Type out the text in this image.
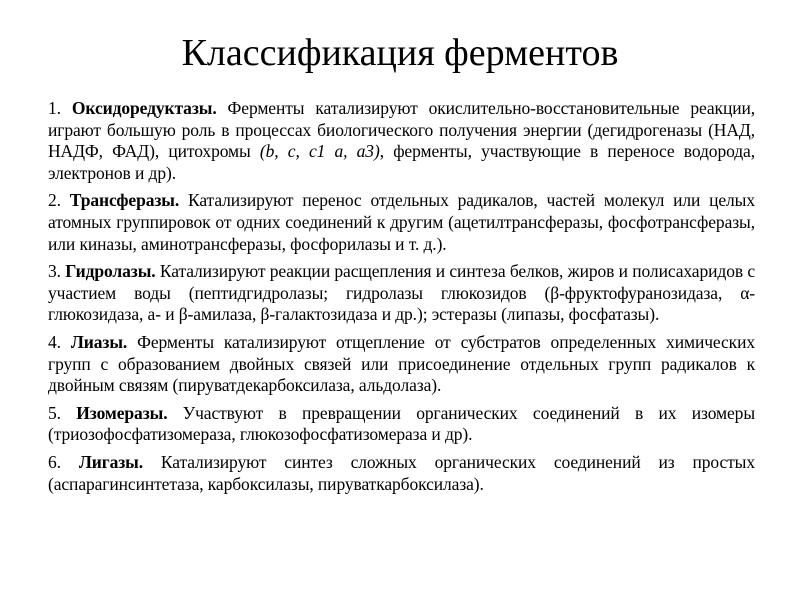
Классификация ферментов

1. Оксидоредуктазы. Ферменты катализируют окислительно-восстановительные реакции, играют большую роль в процессах биологического получения энергии (дегидрогеназы (НАД, НАДФ, ФАД), цитохромы (b, c, c1 a, a3), ферменты, участвующие в переносе водорода, электронов и др).

2. Трансферазы. Катализируют перенос отдельных радикалов, частей молекул или целых атомных группировок от одних соединений к другим (ацетилтрансферазы, фосфотрансферазы, или киназы, аминотрансферазы, фосфорилазы и т. д.).

3. Гидролазы. Катализируют реакции расщепления и синтеза белков, жиров и полисахаридов с участием воды (пептидгидролазы; гидролазы глюкозидов (β-фруктофуранозидаза, α-глюкозидаза, а- и β-амилаза, β-галактозидаза и др.); эстеразы (липазы, фосфатазы).

4. Лиазы. Ферменты катализируют отщепление от субстратов определенных химических групп с образованием двойных связей или присоединение отдельных групп радикалов к двойным связям (пируватдекарбоксилаза, альдолаза).

5. Изомеразы. Участвуют в превращении органических соединений в их изомеры (триозофосфатизомераза, глюкозофосфатизомераза и др).

6. Лигазы. Катализируют синтез сложных органических соединений из простых (аспарагинсинтетаза, карбоксилазы, пируваткарбоксилаза).
